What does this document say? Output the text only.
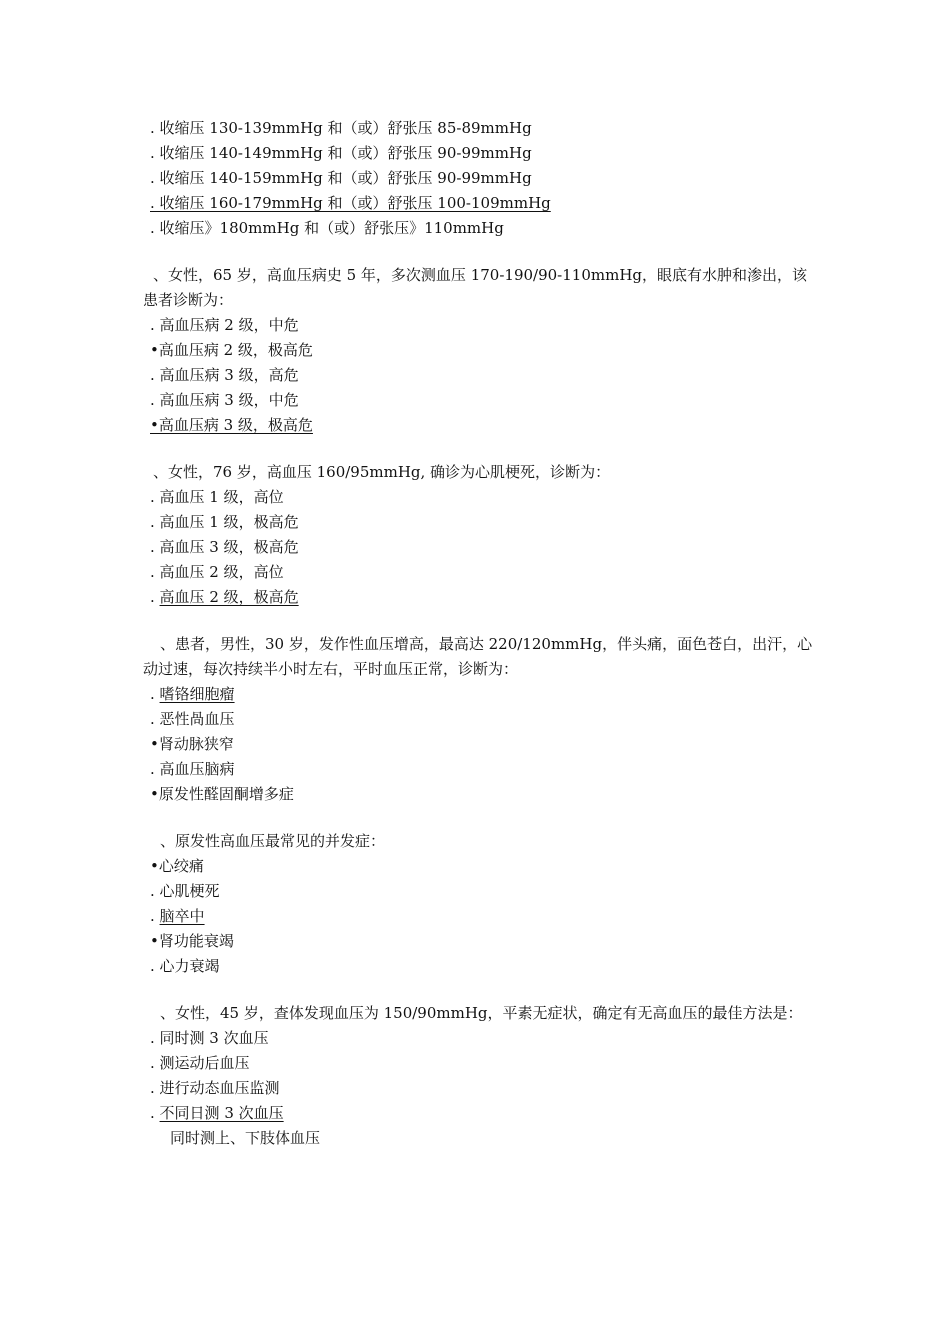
. 收缩压 130-139mmHg 和（或）舒张压 85-89mmHg
. 收缩压 140-149mmHg 和（或）舒张压 90-99mmHg
. 收缩压 140-159mmHg 和（或）舒张压 90-99mmHg
. 收缩压 160-179mmHg 和（或）舒张压 100-109mmHg
. 收缩压》180mmHg 和（或）舒张压》110mmHg
、女性，65 岁，高血压病史 5 年，多次测血压 170-190/90-110mmHg，眼底有水肿和渗出，该患者诊断为：
. 高血压病 2 级，中危
•高血压病 2 级，极高危
. 高血压病 3 级，高危
. 高血压病 3 级，中危
•高血压病 3 级，极高危
、女性，76 岁，高血压 160/95mmHg, 确诊为心肌梗死，诊断为：
. 高血压 1 级，高位
. 高血压 1 级，极高危
. 高血压 3 级，极高危
. 高血压 2 级，高位
. 高血压 2 级，极高危
、患者，男性，30 岁，发作性血压增高，最高达 220/120mmHg，伴头痛，面色苍白，出汗，心动过速，每次持续半小时左右，平时血压正常，诊断为：
. 嗜铬细胞瘤
. 恶性咼血压
•肾动脉狭窄
. 高血压脑病
•原发性醛固酮增多症
、原发性高血压最常见的并发症：
•心绞痛
. 心肌梗死
. 脑卒中
•肾功能衰竭
. 心力衰竭
、女性，45 岁，查体发现血压为 150/90mmHg，平素无症状，确定有无高血压的最佳方法是：
. 同时测 3 次血压
. 测运动后血压
. 进行动态血压监测
. 不同日测 3 次血压
同时测上、下肢体血压
